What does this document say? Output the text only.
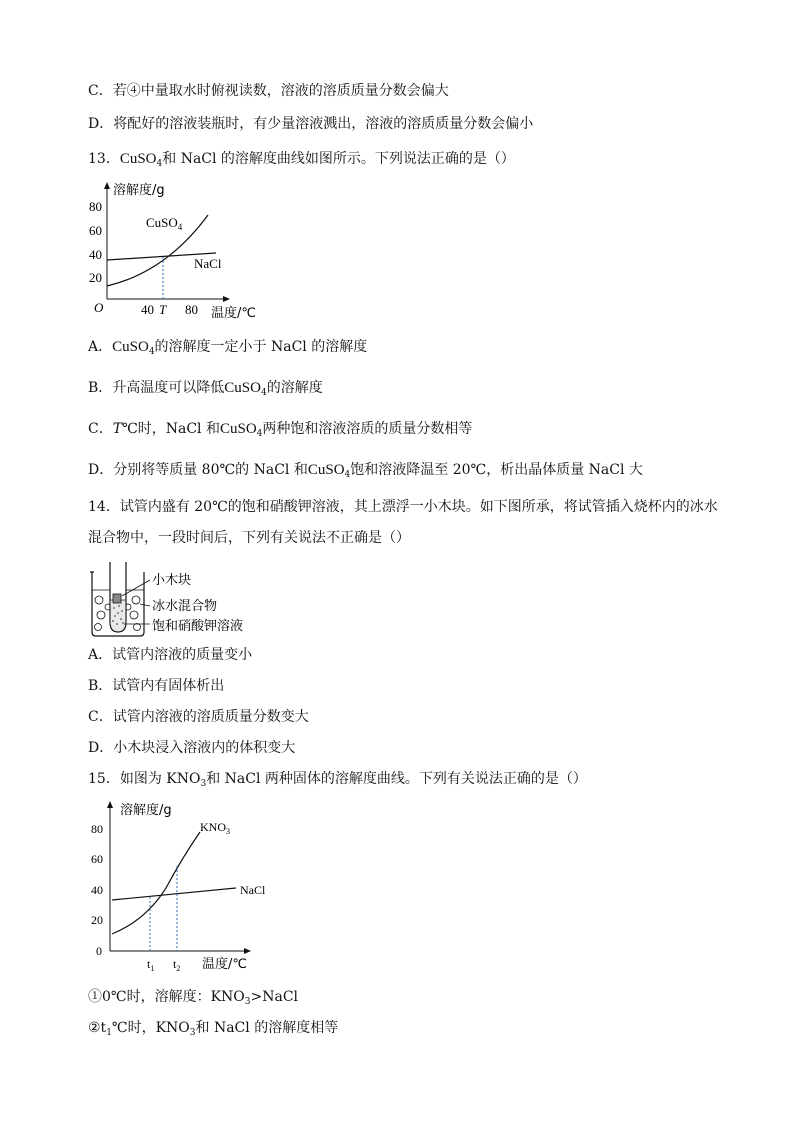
C．若④中量取水时俯视读数，溶液的溶质质量分数会偏大
D．将配好的溶液装瓶时，有少量溶液溅出，溶液的溶质质量分数会偏小
13．CuSO$_4$和 NaCl 的溶解度曲线如图所示。下列说法正确的是（）
溶解度/g
80
60
40
20
O	40 T 80 温度/℃
CuSO$_4$
NaCl
A．CuSO$_4$的溶解度一定小于 NaCl 的溶解度
B．升高温度可以降低CuSO$_4$的溶解度
C．T℃时，NaCl 和CuSO$_4$两种饱和溶液溶质的质量分数相等
D．分别将等质量 80℃的 NaCl 和CuSO$_4$饱和溶液降温至 20℃，析出晶体质量 NaCl 大
14．试管内盛有 20℃的饱和硝酸钾溶液，其上漂浮一小木块。如下图所承，将试管插入烧杯内的冰水
混合物中，一段时间后，下列有关说法不正确是（）
小木块
冰水混合物
饱和硝酸钾溶液
A．试管内溶液的质量变小
B．试管内有固体析出
C．试管内溶液的溶质质量分数变大
D．小木块浸入溶液内的体积变大
15．如图为 $KNO_3$和 NaCl 两种固体的溶解度曲线。下列有关说法正确的是（）
溶解度/g
80
60
40
20
0
$t_1$ $t_2$ 温度/℃
$KNO_3$
NaCl
①0℃时，溶解度：$KNO_3>NaCl$
$②t_1℃$时，$KNO_3$和 NaCl 的溶解度相等
